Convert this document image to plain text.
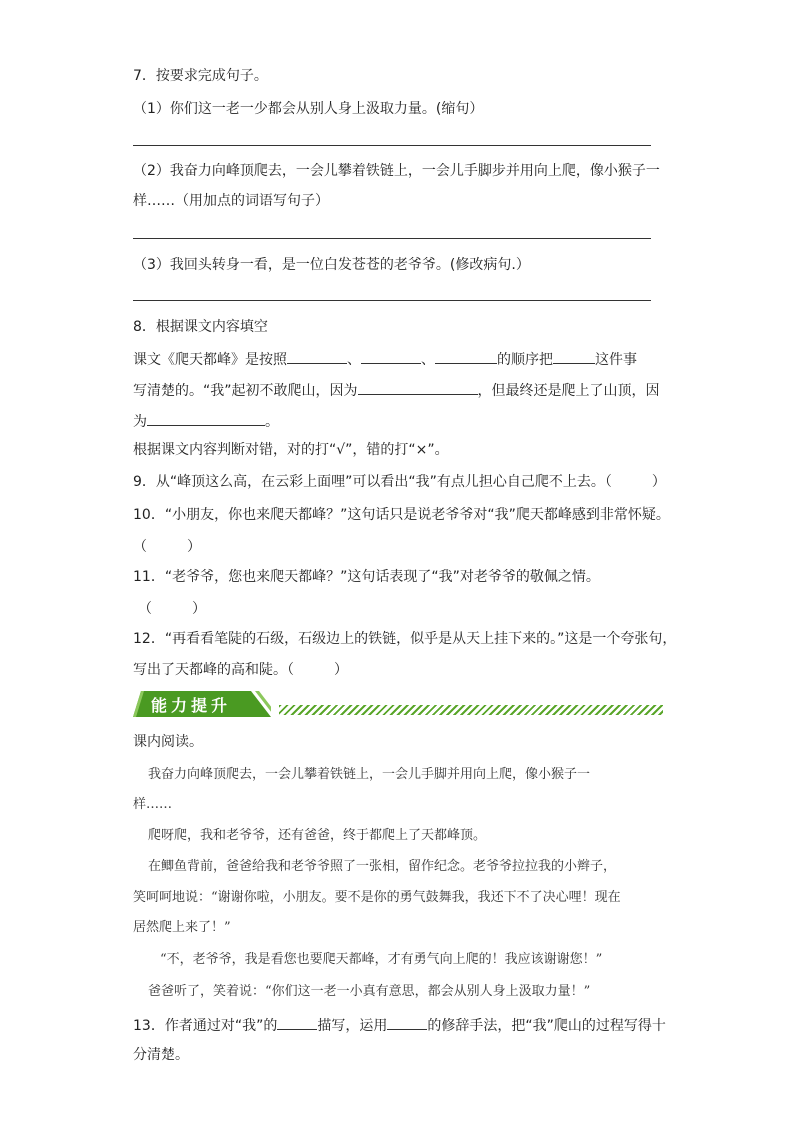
7．按要求完成句子。
（1）你们这一老一少都会从别人身上汲取力量。(缩句）
（2）我奋力向峰顶爬去，一会儿攀着铁链上，一会儿手脚步并用向上爬，像小猴子一
样……（用加点的词语写句子）
（3）我回头转身一看，是一位白发苍苍的老爷爷。(修改病句.）
8．根据课文内容填空
课文《爬天都峰》是按照	、	、	的顺序把	这件事
写清楚的。“我”起初不敢爬山，因为	，但最终还是爬上了山顶，因
为	。
根据课文内容判断对错，对的打“√”，错的打“×”。
9．从“峰顶这么高，在云彩上面哩”可以看出“我”有点儿担心自己爬不上去。（	）
10．“小朋友，你也来爬天都峰？”这句话只是说老爷爷对“我”爬天都峰感到非常怀疑。
（	）
11．“老爷爷，您也来爬天都峰？”这句话表现了“我”对老爷爷的敬佩之情。
（	）
12．“再看看笔陡的石级，石级边上的铁链，似乎是从天上挂下来的。”这是一个夸张句，
写出了天都峰的高和陡。（	）
能力提升
课内阅读。
我奋力向峰顶爬去，一会儿攀着铁链上，一会儿手脚并用向上爬，像小猴子一
样……
爬呀爬，我和老爷爷，还有爸爸，终于都爬上了天都峰顶。
在鲫鱼背前，爸爸给我和老爷爷照了一张相，留作纪念。老爷爷拉拉我的小辫子，
笑呵呵地说：“谢谢你啦，小朋友。要不是你的勇气鼓舞我，我还下不了决心哩！现在
居然爬上来了！”
“不，老爷爷，我是看您也要爬天都峰，才有勇气向上爬的！我应该谢谢您！”
爸爸听了，笑着说：“你们这一老一小真有意思，都会从别人身上汲取力量！”
13．作者通过对“我”的	描写，运用	的修辞手法，把“我”爬山的过程写得十
分清楚。
